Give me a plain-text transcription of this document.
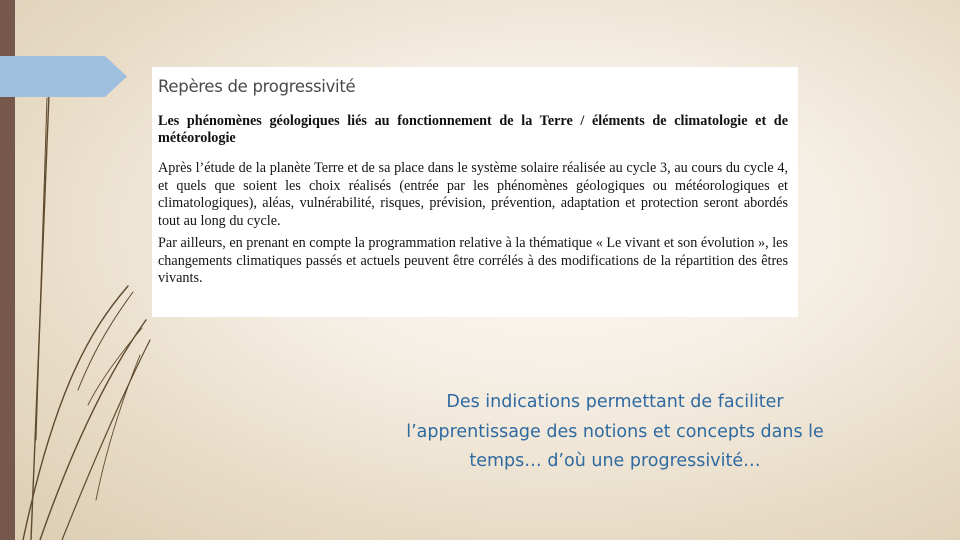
Repères de progressivité
Les phénomènes géologiques liés au fonctionnement de la Terre / éléments de climatologie et de météorologie

Après l’étude de la planète Terre et de sa place dans le système solaire réalisée au cycle 3, au cours du cycle 4, et quels que soient les choix réalisés (entrée par les phénomènes géologiques ou météorologiques et climatologiques), aléas, vulnérabilité, risques, prévision, prévention, adaptation et protection seront abordés tout au long du cycle.

Par ailleurs, en prenant en compte la programmation relative à la thématique « Le vivant et son évolution », les changements climatiques passés et actuels peuvent être corrélés à des modifications de la répartition des êtres vivants.

Des indications permettant de faciliter
l’apprentissage des notions et concepts dans le
temps… d’où une progressivité…
